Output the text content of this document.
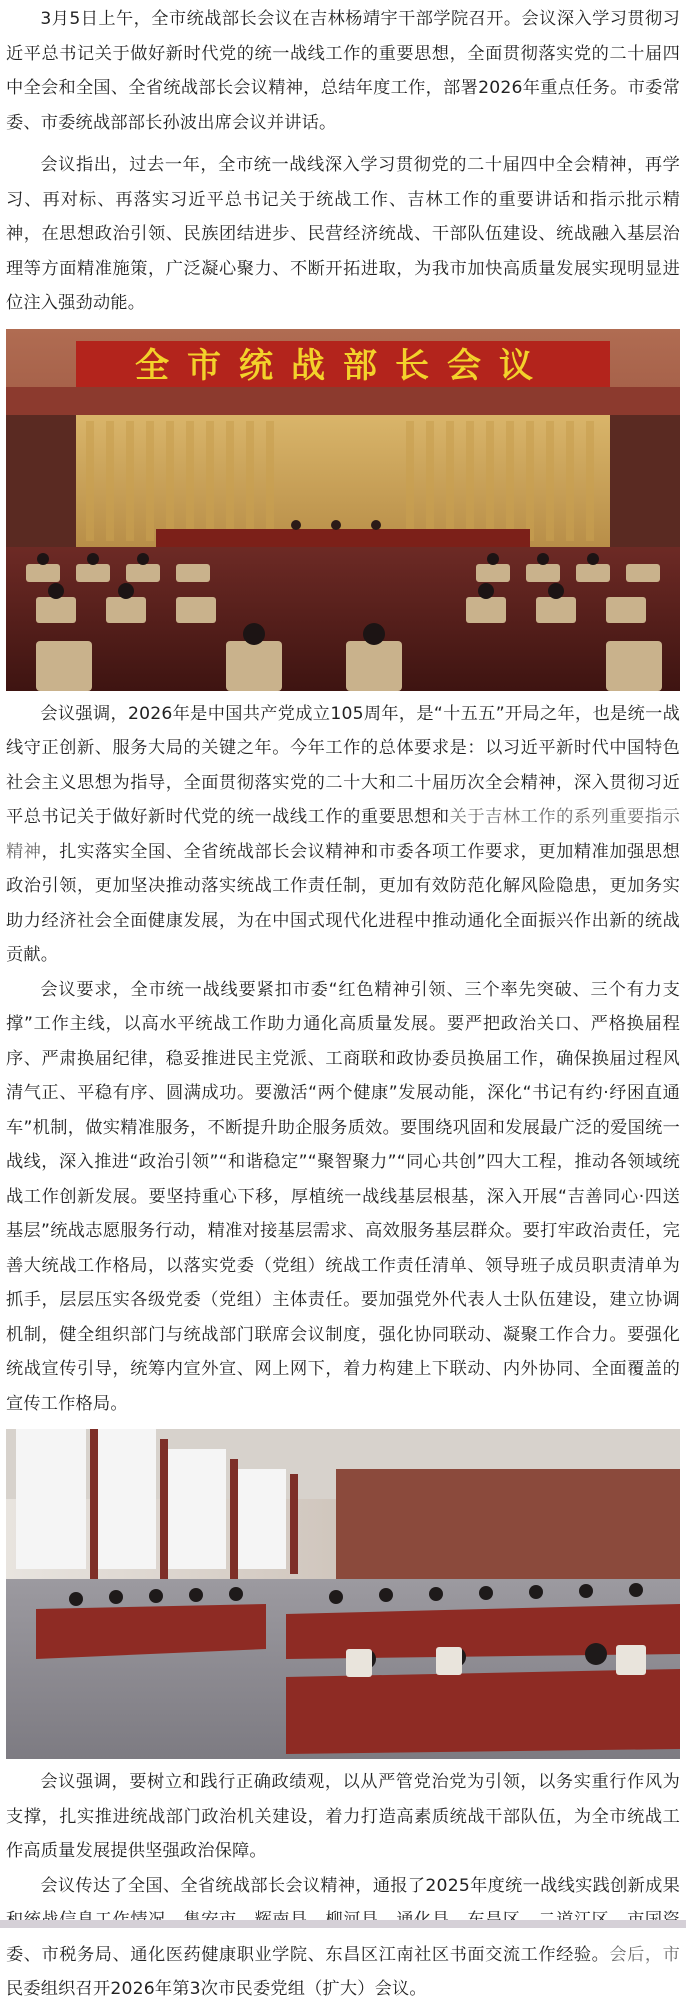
3月5日上午，全市统战部长会议在吉林杨靖宇干部学院召开。会议深入学习贯彻习近平总书记关于做好新时代党的统一战线工作的重要思想，全面贯彻落实党的二十届四中全会和全国、全省统战部长会议精神，总结年度工作，部署2026年重点任务。市委常委、市委统战部部长孙波出席会议并讲话。

会议指出，过去一年，全市统一战线深入学习贯彻党的二十届四中全会精神，再学习、再对标、再落实习近平总书记关于统战工作、吉林工作的重要讲话和指示批示精神，在思想政治引领、民族团结进步、民营经济统战、干部队伍建设、统战融入基层治理等方面精准施策，广泛凝心聚力、不断开拓进取，为我市加快高质量发展实现明显进位注入强劲动能。

全市统战部长会议

会议强调，2026年是中国共产党成立105周年，是“十五五”开局之年，也是统一战线守正创新、服务大局的关键之年。今年工作的总体要求是：以习近平新时代中国特色社会主义思想为指导，全面贯彻落实党的二十大和二十届历次全会精神，深入贯彻习近平总书记关于做好新时代党的统一战线工作的重要思想和关于吉林工作的系列重要指示精神，扎实落实全国、全省统战部长会议精神和市委各项工作要求，更加精准加强思想政治引领，更加坚决推动落实统战工作责任制，更加有效防范化解风险隐患，更加务实助力经济社会全面健康发展，为在中国式现代化进程中推动通化全面振兴作出新的统战贡献。

会议要求，全市统一战线要紧扣市委“红色精神引领、三个率先突破、三个有力支撑”工作主线，以高水平统战工作助力通化高质量发展。要严把政治关口、严格换届程序、严肃换届纪律，稳妥推进民主党派、工商联和政协委员换届工作，确保换届过程风清气正、平稳有序、圆满成功。要激活“两个健康”发展动能，深化“书记有约·纾困直通车”机制，做实精准服务，不断提升助企服务质效。要围绕巩固和发展最广泛的爱国统一战线，深入推进“政治引领”“和谐稳定”“聚智聚力”“同心共创”四大工程，推动各领域统战工作创新发展。要坚持重心下移，厚植统一战线基层根基，深入开展“吉善同心·四送基层”统战志愿服务行动，精准对接基层需求、高效服务基层群众。要打牢政治责任，完善大统战工作格局，以落实党委（党组）统战工作责任清单、领导班子成员职责清单为抓手，层层压实各级党委（党组）主体责任。要加强党外代表人士队伍建设，建立协调机制，健全组织部门与统战部门联席会议制度，强化协同联动、凝聚工作合力。要强化统战宣传引导，统筹内宣外宣、网上网下，着力构建上下联动、内外协同、全面覆盖的宣传工作格局。

会议强调，要树立和践行正确政绩观，以从严管党治党为引领，以务实重行作风为支撑，扎实推进统战部门政治机关建设，着力打造高素质统战干部队伍，为全市统战工作高质量发展提供坚强政治保障。

会议传达了全国、全省统战部长会议精神，通报了2025年度统一战线实践创新成果和统战信息工作情况。集安市、辉南县、柳河县、通化县、东昌区、二道江区、市国资委、市税务局、通化医药健康职业学院、东昌区江南社区书面交流工作经验。会后，市民委组织召开2026年第3次市民委党组（扩大）会议。
